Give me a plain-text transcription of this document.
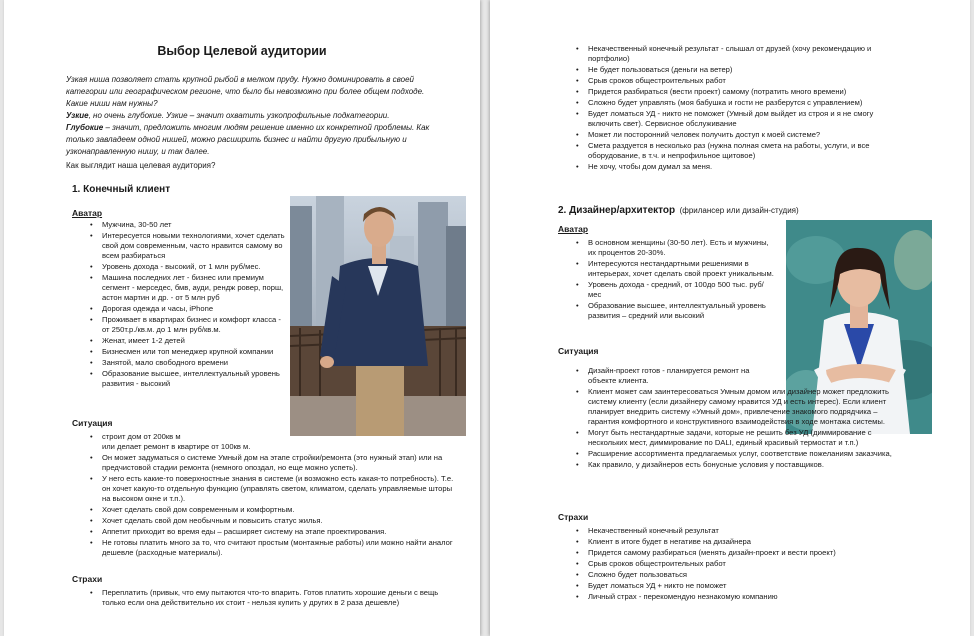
Выбор Целевой аудитории
Узкая ниша позволяет стать крупной рыбой в мелком пруду. Нужно доминировать в своей
категории или географическом регионе, что было бы невозможно при более общем подходе.
Какие ниши нам нужны?
Узкие, но очень глубокие. Узкие – значит охватить узкопрофильные подкатегории.
Глубокие – значит, предложить многим людям решение именно их конкретной проблемы. Как
только завладеем одной нишей, можно расширить бизнес и найти другую прибыльную и
узконаправленную нишу, и так далее.
Как выглядит наша целевая аудитория?
1. Конечный клиент
Аватар
• Мужчина, 30-50 лет
• Интересуется новыми технологиями, хочет сделать свой дом современным, часто нравится самому во всем разбираться
• Уровень дохода - высокий, от 1 млн руб/мес.
• Машина последних лет - бизнес или премиум сегмент - мерседес, бмв, ауди, рендж ровер, порш, астон мартин и др. - от 5 млн руб
• Дорогая одежда и часы, iPhone
• Проживает в квартирах бизнес и комфорт класса - от 250т.р./кв.м. до 1 млн руб/кв.м.
• Женат, имеет 1-2 детей
• Бизнесмен или топ менеджер крупной компании
• Занятой, мало свободного времени
• Образование высшее, интеллектуальный уровень развития - высокий
Ситуация
• строит дом от 200кв м
или делает ремонт в квартире от 100кв м.
• Он может задуматься о системе Умный дом на этапе стройки/ремонта (это нужный этап) или на предчистовой стадии ремонта (немного опоздал, но еще можно успеть).
• У него есть какие-то поверхностные знания в системе (и возможно есть какая-то потребность). Т.е. он хочет какую-то отдельную функцию (управлять светом, климатом, сделать управляемые шторы на высоком окне и т.п.).
• Хочет сделать свой дом современным и комфортным.
• Хочет сделать свой дом необычным и повысить статус жилья.
• Аппетит приходит во время еды – расширяет систему на этапе проектирования.
• Не готовы платить много за то, что считают простым (монтажные работы) или можно найти аналог дешевле (расходные материалы).
Страхи
• Переплатить (привык, что ему пытаются что-то впарить. Готов платить хорошие деньги с вещь только если она действительно их стоит - нельзя купить у других в 2 раза дешевле)
• Некачественный конечный результат - слышал от друзей (хочу рекомендацию и портфолио)
• Не будет пользоваться (деньги на ветер)
• Срыв сроков общестроительных работ
• Придется разбираться (вести проект) самому (потратить много времени)
• Сложно будет управлять (моя бабушка и гости не разберутся с управлением)
• Будет ломаться УД - никто не поможет (Умный дом выйдет из строя и я не смогу включить свет). Сервисное обслуживание
• Может ли посторонний человек получить доступ к моей системе?
• Смета раздуется в несколько раз (нужна полная смета на работы, услуги, и все оборудование, в т.ч. и непрофильное щитовое)
• Не хочу, чтобы дом думал за меня.
2. Дизайнер/архитектор (фрилансер или дизайн-студия)
Аватар
• В основном женщины (30-50 лет). Есть и мужчины, их процентов 20-30%.
• Интересуются нестандартными решениями в интерьерах, хочет сделать свой проект уникальным.
• Уровень дохода - средний, от 100до 500 тыс. руб/мес
• Образование высшее, интеллектуальный уровень развития – средний или высокий
Ситуация
• Дизайн-проект готов - планируется ремонт на объекте клиента.
• Клиент может сам заинтересоваться Умным домом или дизайнер может предложить систему клиенту (если дизайнеру самому нравится УД и есть интерес). Если клиент планирует внедрить систему «Умный дом», привлечение знакомого подрядчика – гарантия комфортного и конструктивного взаимодействия в ходе монтажа системы.
• Могут быть нестандартные задачи, которые не решить без УД (диммирование с нескольких мест, диммирование по DALI, единый красивый термостат и т.п.)
• Расширение ассортимента предлагаемых услуг, соответствие пожеланиям заказчика,
• Как правило, у дизайнеров есть бонусные условия у поставщиков.
Страхи
• Некачественный конечный результат
• Клиент в итоге будет в негативе на дизайнера
• Придется самому разбираться (менять дизайн-проект и вести проект)
• Срыв сроков общестроительных работ
• Сложно будет пользоваться
• Будет ломаться УД + никто не поможет
• Личный страх - перекомендую незнакомую компанию
